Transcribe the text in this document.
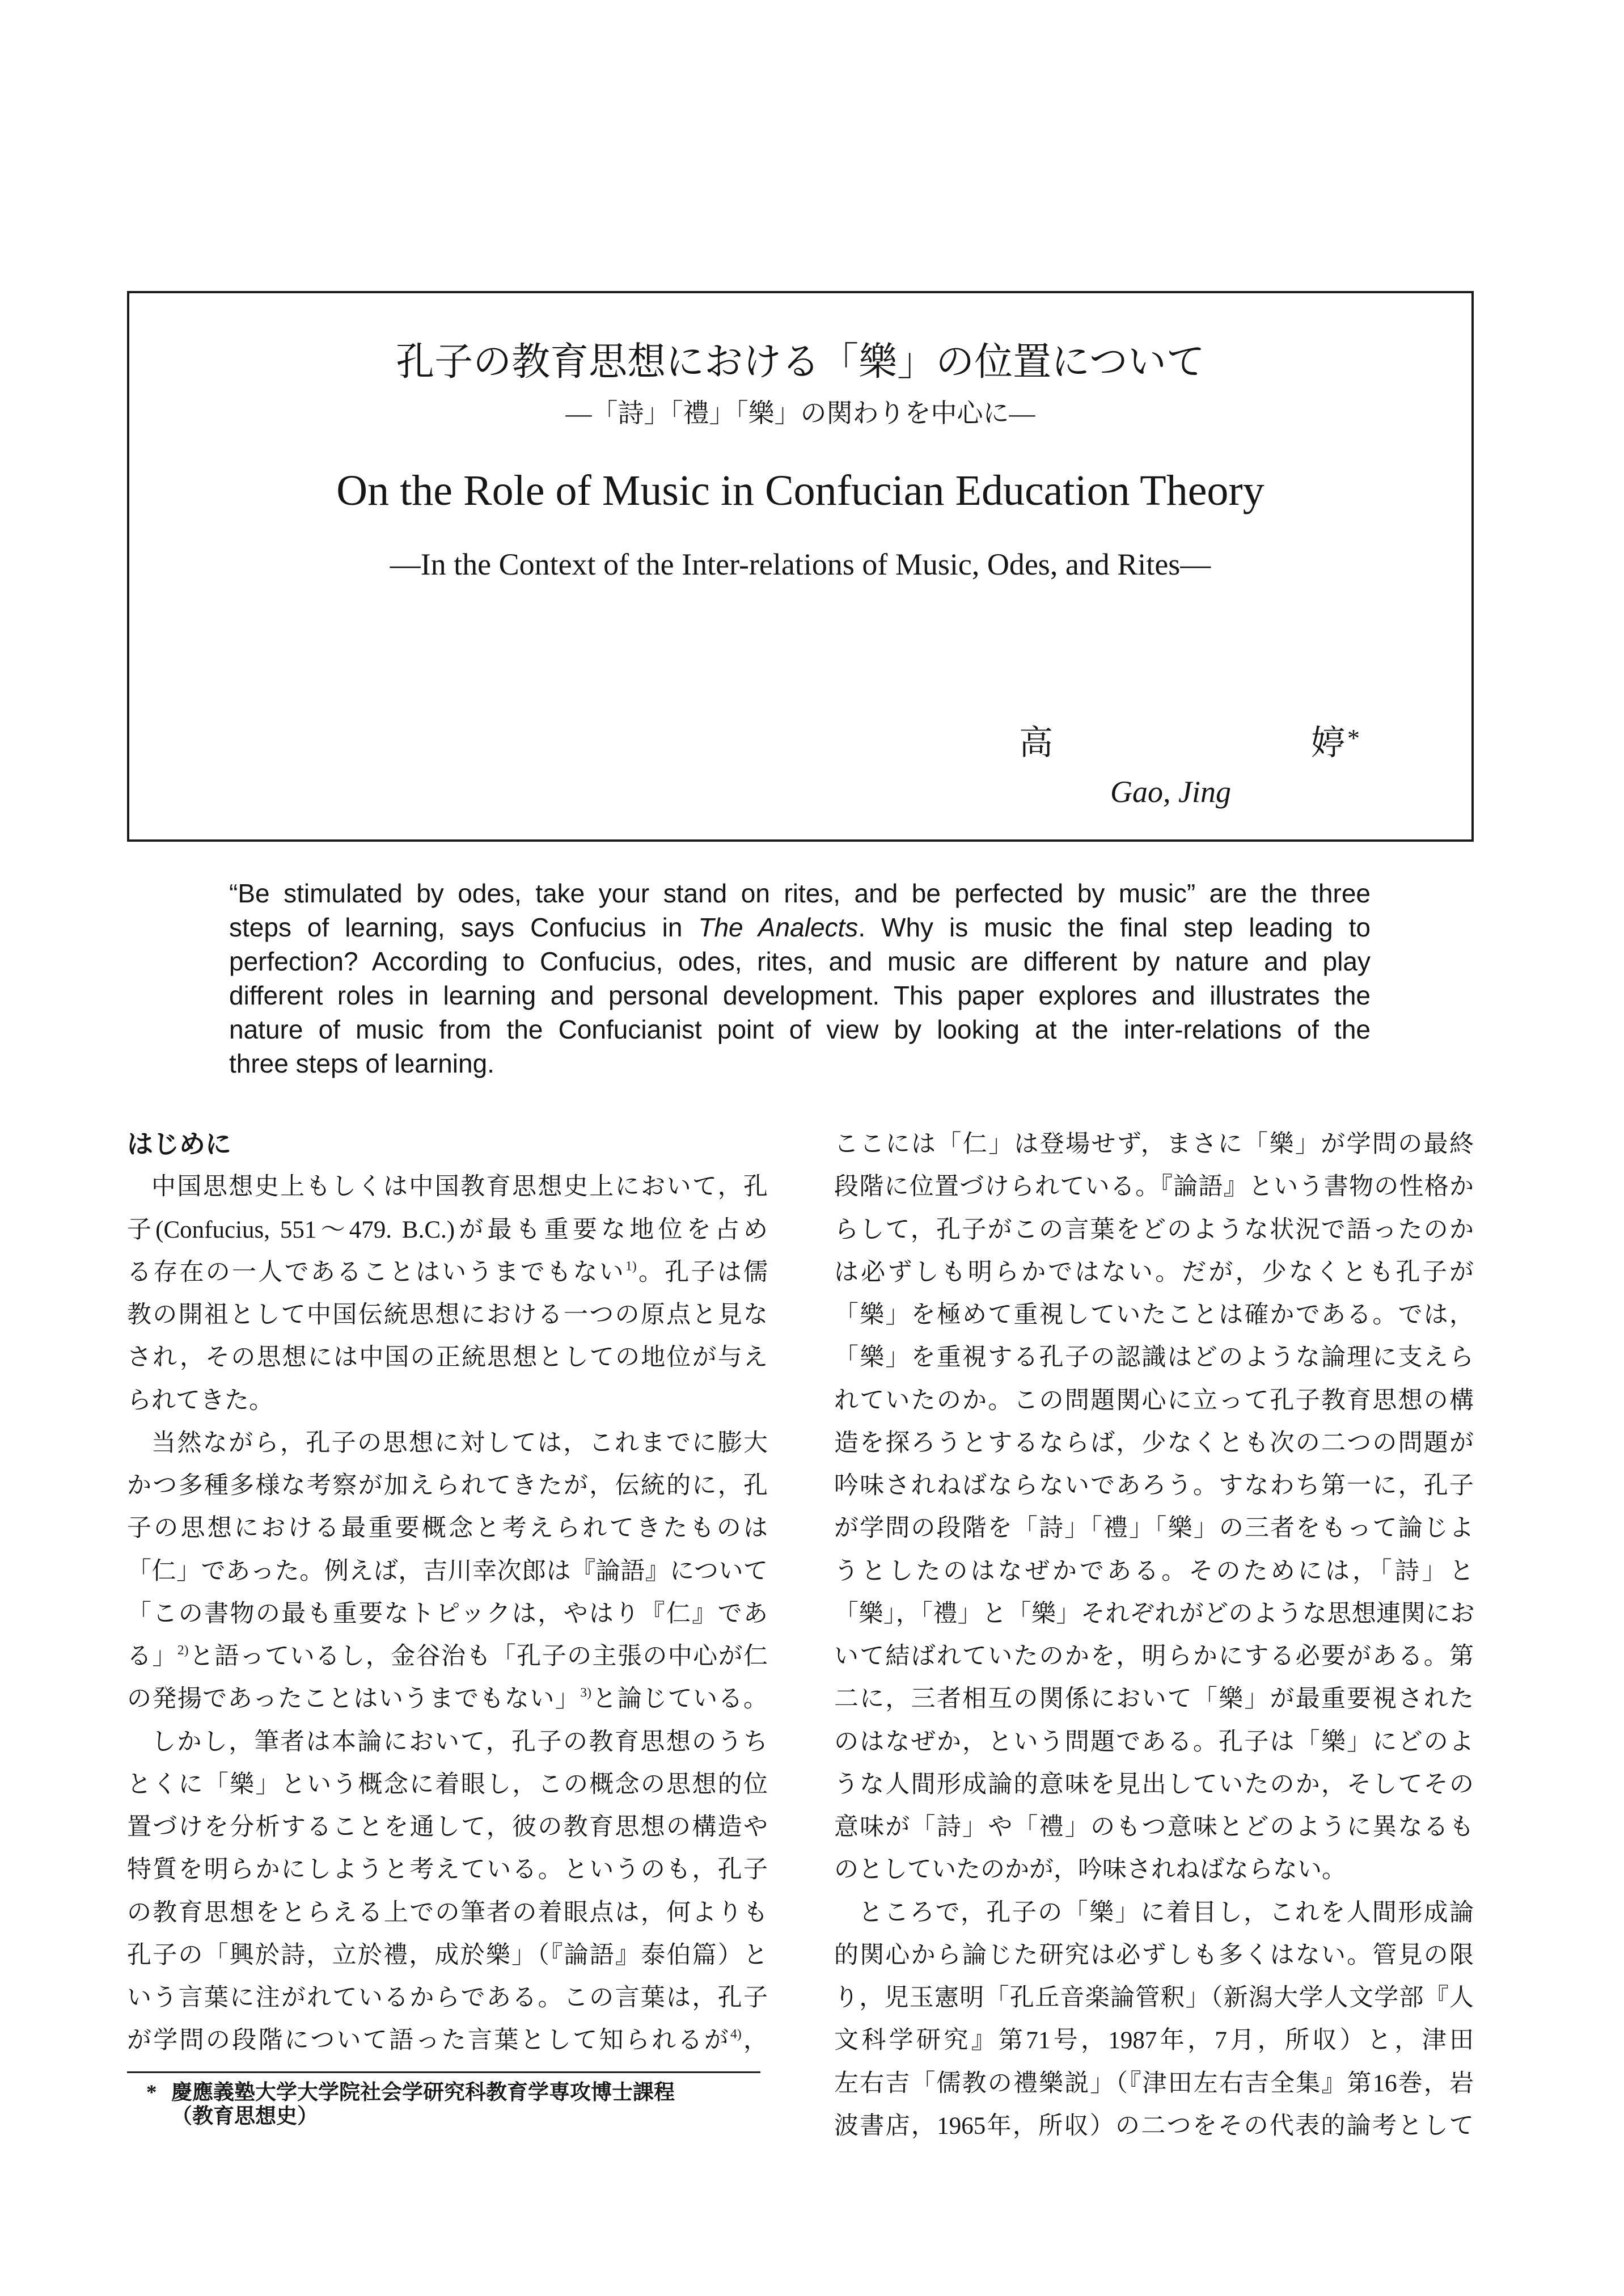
孔子の教育思想における「樂」の位置について
―「詩」「禮」「樂」の関わりを中心に―
On the Role of Music in Confucian Education Theory
—In the Context of the Inter-relations of Music, Odes, and Rites—
高	婷*
Gao, Jing
“Be stimulated by odes, take your stand on rites, and be perfected by music” are the three
steps of learning, says Confucius in The Analects. Why is music the final step leading to
perfection? According to Confucius, odes, rites, and music are different by nature and play
different roles in learning and personal development. This paper explores and illustrates the
nature of music from the Confucianist point of view by looking at the inter-relations of the
three steps of learning.
はじめに
中国思想史上もしくは中国教育思想史上において，孔
子(Confucius, 551～479. B.C.)が最も重要な地位を占め
る存在の一人であることはいうまでもない$^{1)}$。孔子は儒
教の開祖として中国伝統思想における一つの原点と見な
され，その思想には中国の正統思想としての地位が与え
られてきた。
当然ながら，孔子の思想に対しては，これまでに膨大
かつ多種多様な考察が加えられてきたが，伝統的に，孔
子の思想における最重要概念と考えられてきたものは
「仁」であった。例えば，吉川幸次郎は『論語』について
「この書物の最も重要なトピックは，やはり『仁』であ
る」$^{2)}$と語っているし，金谷治も「孔子の主張の中心が仁
の発揚であったことはいうまでもない」$^{3)}$と論じている。
しかし，筆者は本論において，孔子の教育思想のうち
とくに「樂」という概念に着眼し，この概念の思想的位
置づけを分析することを通して，彼の教育思想の構造や
特質を明らかにしようと考えている。というのも，孔子
の教育思想をとらえる上での筆者の着眼点は，何よりも
孔子の「興於詩，立於禮，成於樂」（『論語』泰伯篇）と
いう言葉に注がれているからである。この言葉は，孔子
が学問の段階について語った言葉として知られるが$^{4)}$，
ここには「仁」は登場せず，まさに「樂」が学問の最終
段階に位置づけられている。『論語』という書物の性格か
らして，孔子がこの言葉をどのような状況で語ったのか
は必ずしも明らかではない。だが，少なくとも孔子が
「樂」を極めて重視していたことは確かである。では，
「樂」を重視する孔子の認識はどのような論理に支えら
れていたのか。この問題関心に立って孔子教育思想の構
造を探ろうとするならば，少なくとも次の二つの問題が
吟味されねばならないであろう。すなわち第一に，孔子
が学問の段階を「詩」「禮」「樂」の三者をもって論じよ
うとしたのはなぜかである。そのためには，「詩」と
「樂」，「禮」と「樂」それぞれがどのような思想連関にお
いて結ばれていたのかを，明らかにする必要がある。第
二に，三者相互の関係において「樂」が最重要視された
のはなぜか，という問題である。孔子は「樂」にどのよ
うな人間形成論的意味を見出していたのか，そしてその
意味が「詩」や「禮」のもつ意味とどのように異なるも
のとしていたのかが，吟味されねばならない。
ところで，孔子の「樂」に着目し，これを人間形成論
的関心から論じた研究は必ずしも多くはない。管見の限
り，児玉憲明「孔丘音楽論管釈」（新潟大学人文学部『人
文科学研究』第71号，1987年，7月，所収）と，津田
左右吉「儒教の禮樂説」（『津田左右吉全集』第16巻，岩
波書店，1965年，所収）の二つをその代表的論考として
* 慶應義塾大学大学院社会学研究科教育学専攻博士課程
（教育思想史）
